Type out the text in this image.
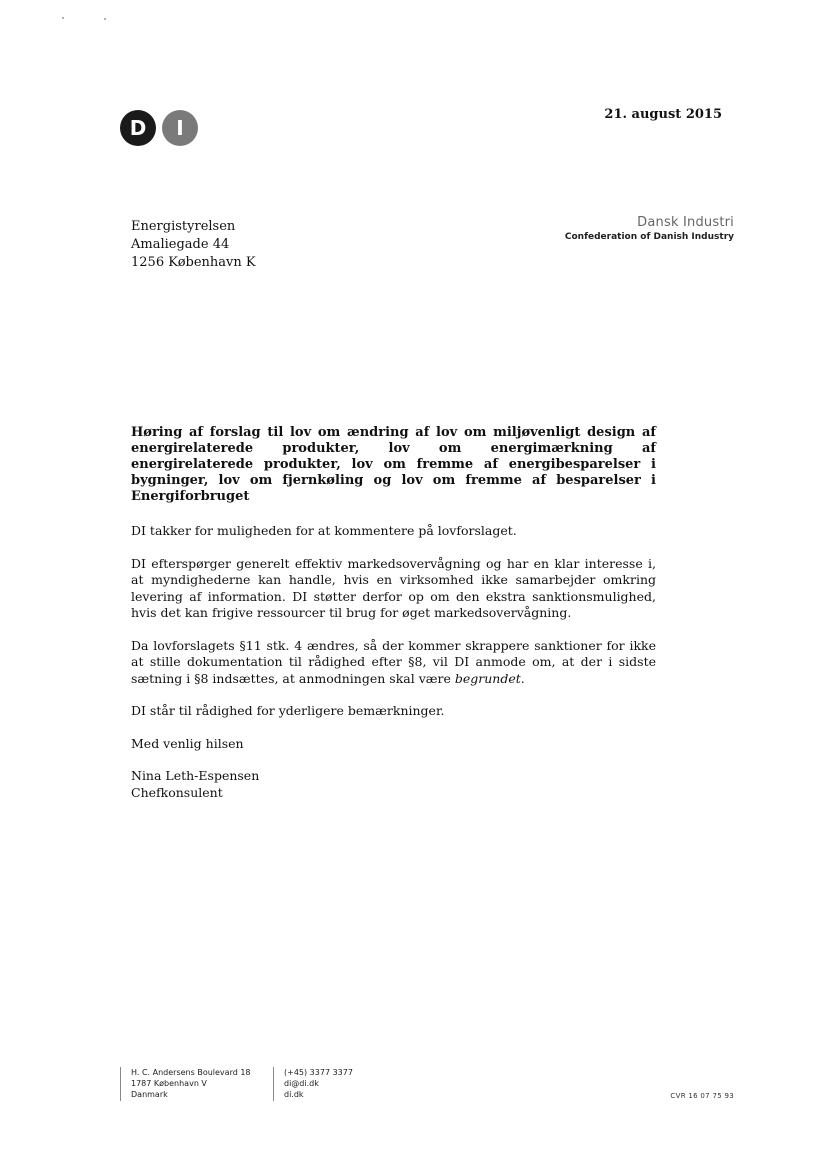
D	I
21. august 2015
Energistyrelsen
Amaliegade 44
1256 København K
Dansk Industri
Confederation of Danish Industry
Høring af forslag til lov om ændring af lov om miljøvenligt design af energirelaterede produkter, lov om energimærkning af energirelaterede produkter, lov om fremme af energibesparelser i bygninger, lov om fjernkøling og lov om fremme af besparelser i Energiforbruget

DI takker for muligheden for at kommentere på lovforslaget.

DI efterspørger generelt effektiv markedsovervågning og har en klar interesse i, at myndighederne kan handle, hvis en virksomhed ikke samarbejder omkring levering af information. DI støtter derfor op om den ekstra sanktionsmulighed, hvis det kan frigive ressourcer til brug for øget markedsovervågning.

Da lovforslagets §11 stk. 4 ændres, så der kommer skrappere sanktioner for ikke at stille dokumentation til rådighed efter §8, vil DI anmode om, at der i sidste sætning i §8 indsættes, at anmodningen skal være begrundet.

DI står til rådighed for yderligere bemærkninger.

Med venlig hilsen

Nina Leth-Espensen
Chefkonsulent
H. C. Andersens Boulevard 18
1787 København V
Danmark
(+45) 3377 3377
di@di.dk
di.dk	CVR 16 07 75 93
